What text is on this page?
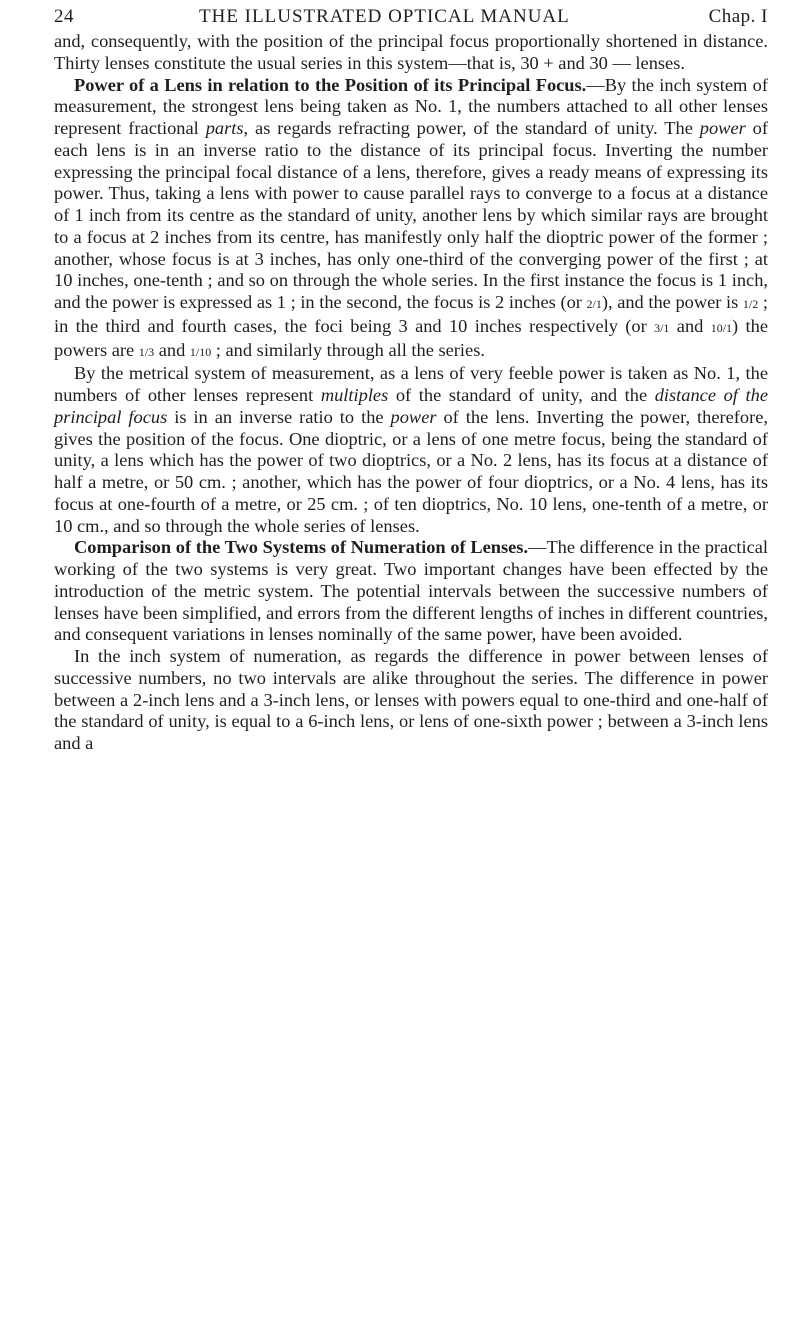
24	THE ILLUSTRATED OPTICAL MANUAL	Chap. I

and, consequently, with the position of the principal focus proportionally shortened in distance. Thirty lenses constitute the usual series in this system—that is, 30 + and 30 — lenses.

Power of a Lens in relation to the Position of its Principal Focus.—By the inch system of measurement, the strongest lens being taken as No. 1, the numbers attached to all other lenses represent fractional parts, as regards refracting power, of the standard of unity. The power of each lens is in an inverse ratio to the distance of its principal focus. Inverting the number expressing the principal focal distance of a lens, therefore, gives a ready means of expressing its power. Thus, taking a lens with power to cause parallel rays to converge to a focus at a distance of 1 inch from its centre as the standard of unity, another lens by which similar rays are brought to a focus at 2 inches from its centre, has manifestly only half the dioptric power of the former ; another, whose focus is at 3 inches, has only one-third of the converging power of the first ; at 10 inches, one-tenth ; and so on through the whole series. In the first instance the focus is 1 inch, and the power is expressed as 1 ; in the second, the focus is 2 inches (or 2/1), and the power is 1/2 ; in the third and fourth cases, the foci being 3 and 10 inches respectively (or 3/1 and 10/1) the powers are 1/3 and 1/10 ; and similarly through all the series.

By the metrical system of measurement, as a lens of very feeble power is taken as No. 1, the numbers of other lenses represent multiples of the standard of unity, and the distance of the principal focus is in an inverse ratio to the power of the lens. Inverting the power, therefore, gives the position of the focus. One dioptric, or a lens of one metre focus, being the standard of unity, a lens which has the power of two dioptrics, or a No. 2 lens, has its focus at a distance of half a metre, or 50 cm. ; another, which has the power of four dioptrics, or a No. 4 lens, has its focus at one-fourth of a metre, or 25 cm. ; of ten dioptrics, No. 10 lens, one-tenth of a metre, or 10 cm., and so through the whole series of lenses.

Comparison of the Two Systems of Numeration of Lenses.—The difference in the practical working of the two systems is very great. Two important changes have been effected by the introduction of the metric system. The potential intervals between the successive numbers of lenses have been simplified, and errors from the different lengths of inches in different countries, and consequent variations in lenses nominally of the same power, have been avoided.

In the inch system of numeration, as regards the difference in power between lenses of successive numbers, no two intervals are alike throughout the series. The difference in power between a 2-inch lens and a 3-inch lens, or lenses with powers equal to one-third and one-half of the standard of unity, is equal to a 6-inch lens, or lens of one-sixth power ; between a 3-inch lens and a
